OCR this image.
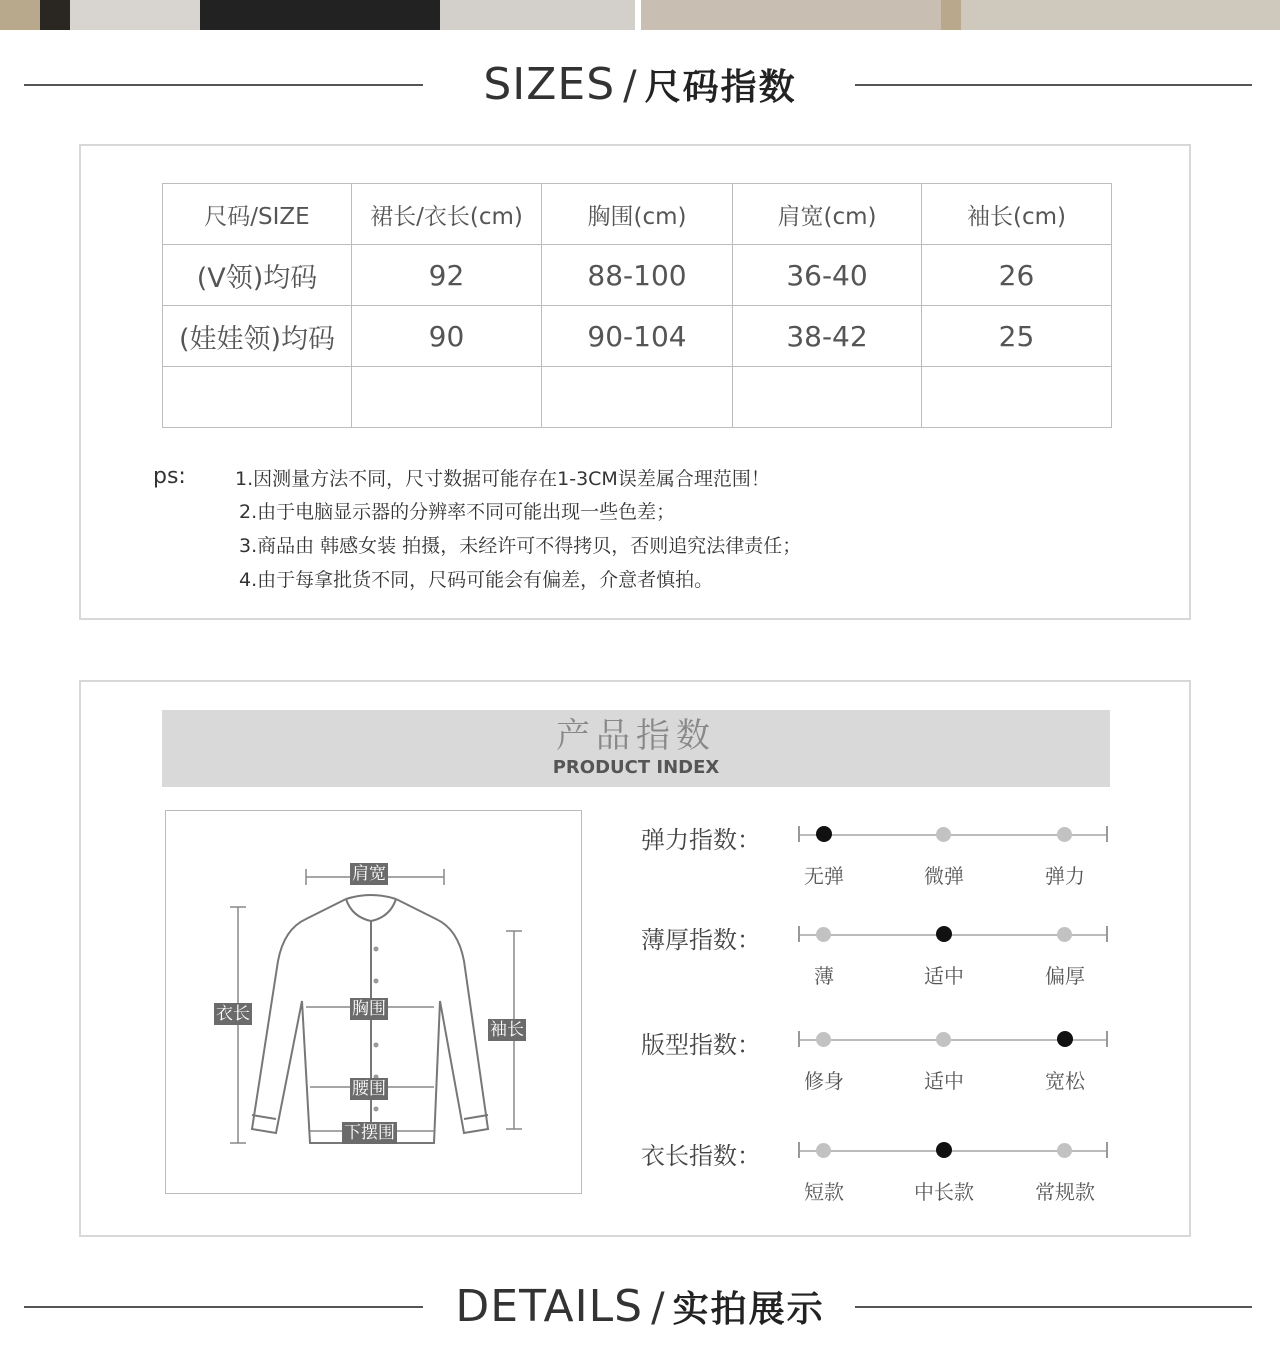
SIZES / 尺码指数
尺码/SIZE	裙长/衣长(cm)	胸围(cm)	肩宽(cm)	袖长(cm)
(V领)均码	92	88-100	36-40	26
(娃娃领)均码	90	90-104	38-42	25

ps:	1.因测量方法不同，尺寸数据可能存在1-3CM误差属合理范围！
2.由于电脑显示器的分辨率不同可能出现一些色差；
3.商品由 韩感女装 拍摄，未经许可不得拷贝，否则追究法律责任；
4.由于每拿批货不同，尺码可能会有偏差，介意者慎拍。
产品指数
PRODUCT INDEX
肩宽
衣长	胸围
袖长
腰围
下摆围
弹力指数：
无弹	微弹	弹力
薄厚指数：
薄	适中	偏厚
版型指数：
修身	适中	宽松
衣长指数：
短款	中长款	常规款
DETAILS / 实拍展示
